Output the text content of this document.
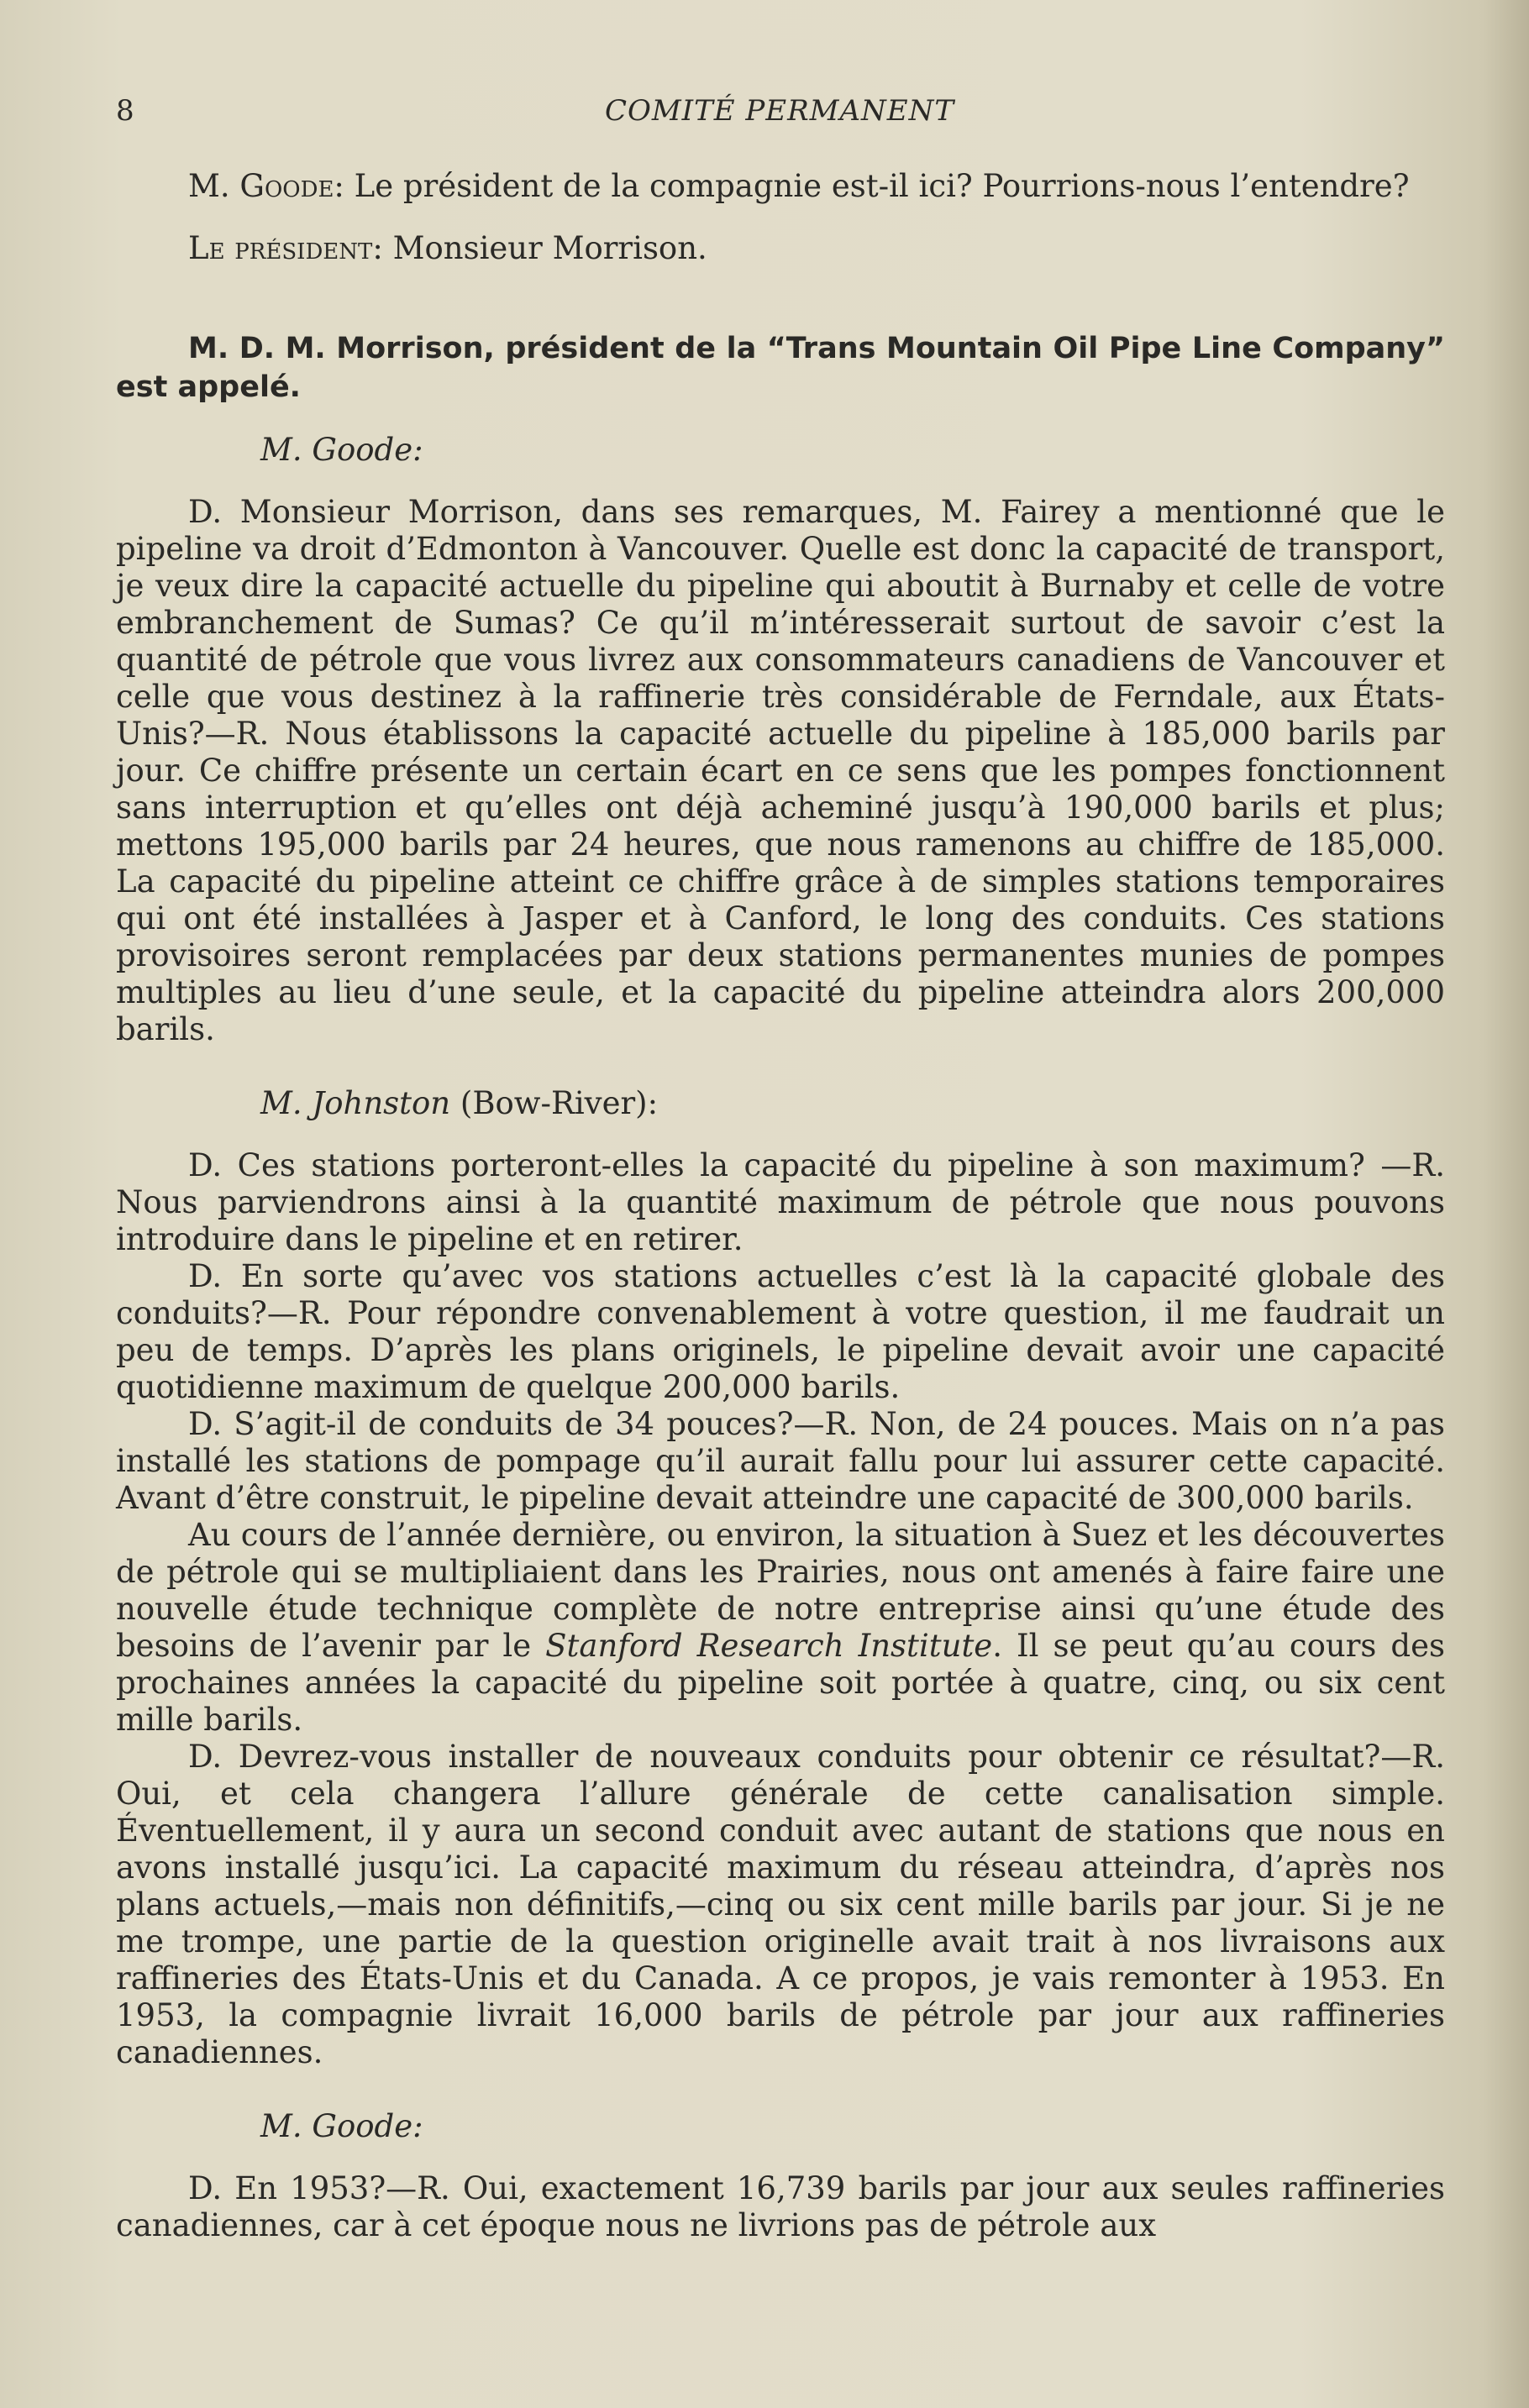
8	COMITÉ PERMANENT

M. Goode: Le président de la compagnie est-il ici? Pourrions-nous l’entendre?

Le président: Monsieur Morrison.

M. D. M. Morrison, président de la “Trans Mountain Oil Pipe Line Company” est appelé.

M. Goode:

D. Monsieur Morrison, dans ses remarques, M. Fairey a mentionné que le pipeline va droit d’Edmonton à Vancouver. Quelle est donc la capacité de transport, je veux dire la capacité actuelle du pipeline qui aboutit à Burnaby et celle de votre embranchement de Sumas? Ce qu’il m’intéresserait surtout de savoir c’est la quantité de pétrole que vous livrez aux consommateurs canadiens de Vancouver et celle que vous destinez à la raffinerie très considérable de Ferndale, aux États-Unis?—R. Nous établissons la capacité actuelle du pipeline à 185,000 barils par jour. Ce chiffre présente un certain écart en ce sens que les pompes fonctionnent sans interruption et qu’elles ont déjà acheminé jusqu’à 190,000 barils et plus; mettons 195,000 barils par 24 heures, que nous ramenons au chiffre de 185,000. La capacité du pipeline atteint ce chiffre grâce à de simples stations temporaires qui ont été installées à Jasper et à Canford, le long des conduits. Ces stations provisoires seront remplacées par deux stations permanentes munies de pompes multiples au lieu d’une seule, et la capacité du pipeline atteindra alors 200,000 barils.

M. Johnston (Bow-River):

D. Ces stations porteront-elles la capacité du pipeline à son maximum? —R. Nous parviendrons ainsi à la quantité maximum de pétrole que nous pouvons introduire dans le pipeline et en retirer.

D. En sorte qu’avec vos stations actuelles c’est là la capacité globale des conduits?—R. Pour répondre convenablement à votre question, il me faudrait un peu de temps. D’après les plans originels, le pipeline devait avoir une capacité quotidienne maximum de quelque 200,000 barils.

D. S’agit-il de conduits de 34 pouces?—R. Non, de 24 pouces. Mais on n’a pas installé les stations de pompage qu’il aurait fallu pour lui assurer cette capacité. Avant d’être construit, le pipeline devait atteindre une capacité de 300,000 barils.

Au cours de l’année dernière, ou environ, la situation à Suez et les découvertes de pétrole qui se multipliaient dans les Prairies, nous ont amenés à faire faire une nouvelle étude technique complète de notre entreprise ainsi qu’une étude des besoins de l’avenir par le Stanford Research Institute. Il se peut qu’au cours des prochaines années la capacité du pipeline soit portée à quatre, cinq, ou six cent mille barils.

D. Devrez-vous installer de nouveaux conduits pour obtenir ce résultat?—R. Oui, et cela changera l’allure générale de cette canalisation simple. Éventuellement, il y aura un second conduit avec autant de stations que nous en avons installé jusqu’ici. La capacité maximum du réseau atteindra, d’après nos plans actuels,—mais non définitifs,—cinq ou six cent mille barils par jour. Si je ne me trompe, une partie de la question originelle avait trait à nos livraisons aux raffineries des États-Unis et du Canada. A ce propos, je vais remonter à 1953. En 1953, la compagnie livrait 16,000 barils de pétrole par jour aux raffineries canadiennes.

M. Goode:

D. En 1953?—R. Oui, exactement 16,739 barils par jour aux seules raffineries canadiennes, car à cet époque nous ne livrions pas de pétrole aux
